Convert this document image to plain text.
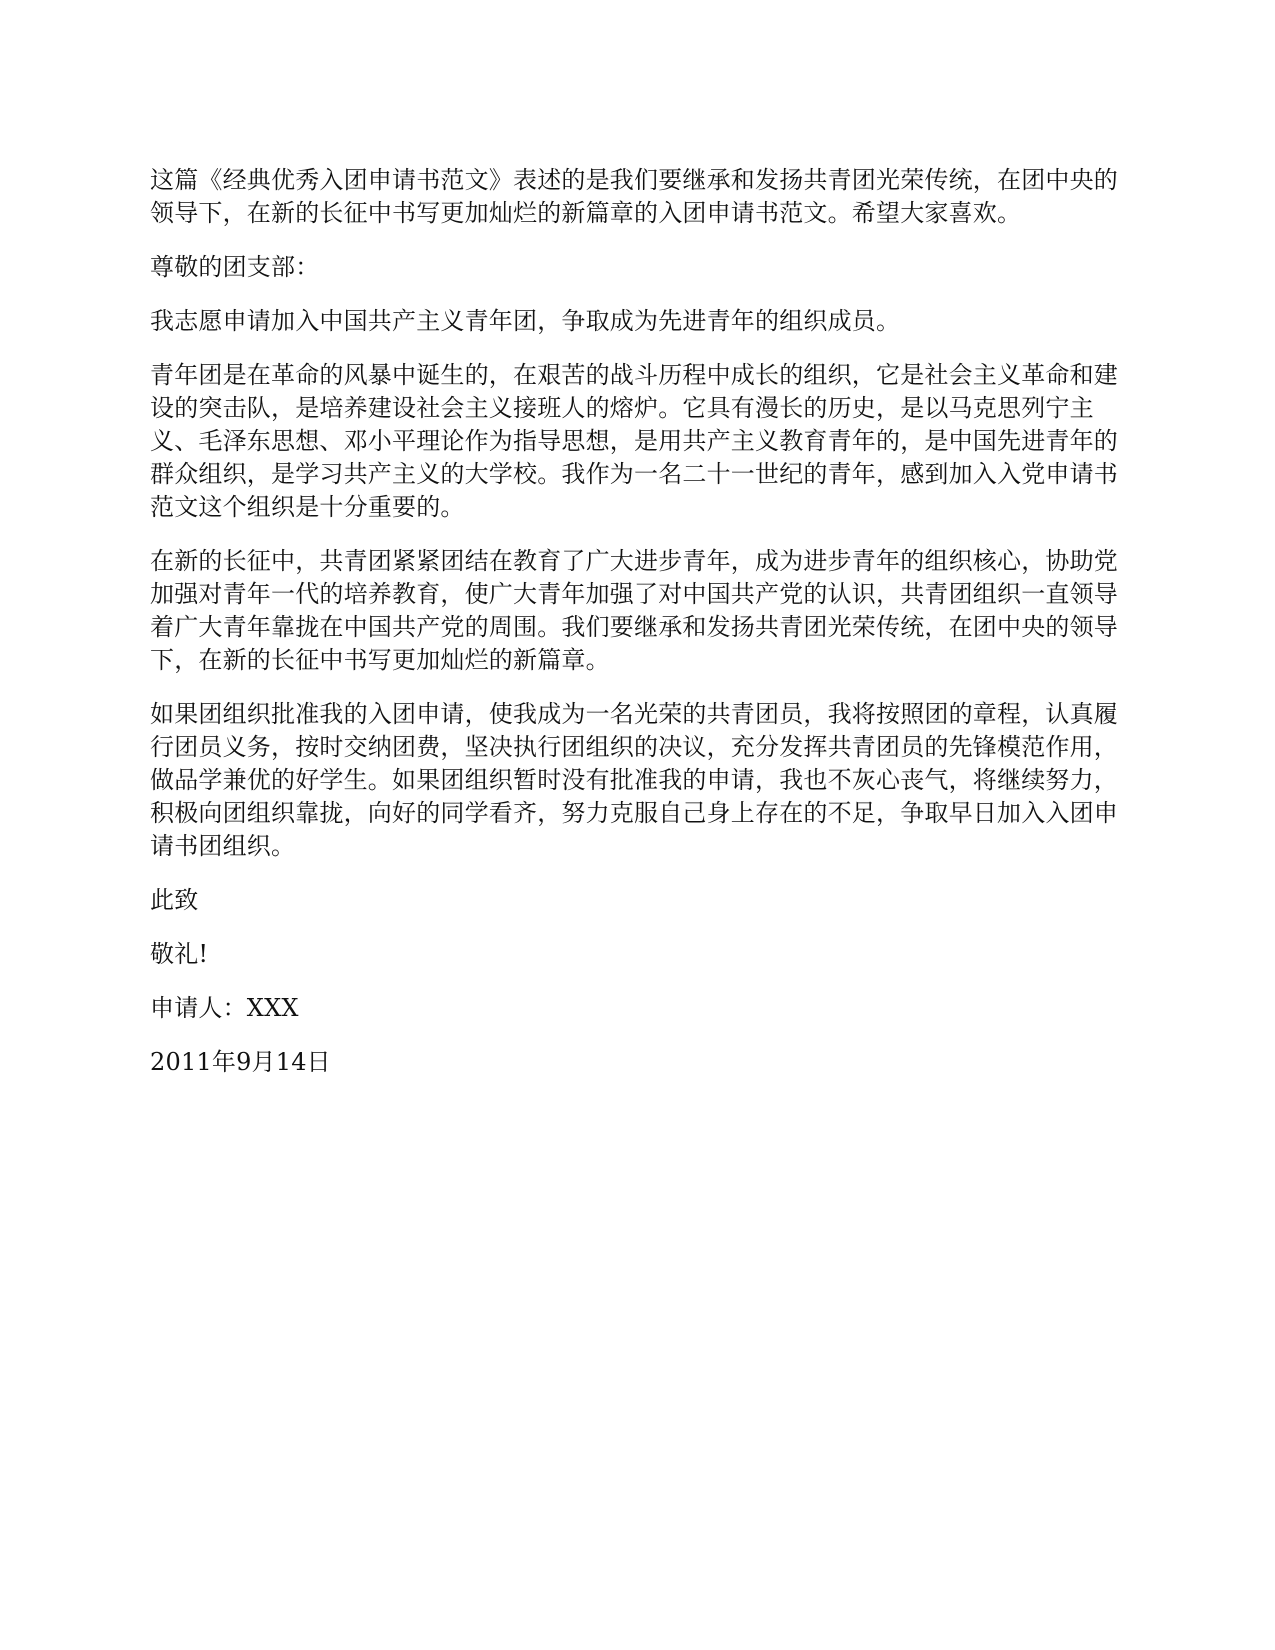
这篇《经典优秀入团申请书范文》表述的是我们要继承和发扬共青团光荣传统，在团中央的领导下，在新的长征中书写更加灿烂的新篇章的入团申请书范文。希望大家喜欢。

尊敬的团支部：

我志愿申请加入中国共产主义青年团，争取成为先进青年的组织成员。

青年团是在革命的风暴中诞生的，在艰苦的战斗历程中成长的组织，它是社会主义革命和建设的突击队，是培养建设社会主义接班人的熔炉。它具有漫长的历史，是以马克思列宁主义、毛泽东思想、邓小平理论作为指导思想，是用共产主义教育青年的，是中国先进青年的群众组织，是学习共产主义的大学校。我作为一名二十一世纪的青年，感到加入入党申请书范文这个组织是十分重要的。

在新的长征中，共青团紧紧团结在教育了广大进步青年，成为进步青年的组织核心，协助党加强对青年一代的培养教育，使广大青年加强了对中国共产党的认识，共青团组织一直领导着广大青年靠拢在中国共产党的周围。我们要继承和发扬共青团光荣传统，在团中央的领导下，在新的长征中书写更加灿烂的新篇章。

如果团组织批准我的入团申请，使我成为一名光荣的共青团员，我将按照团的章程，认真履行团员义务，按时交纳团费，坚决执行团组织的决议，充分发挥共青团员的先锋模范作用，做品学兼优的好学生。如果团组织暂时没有批准我的申请，我也不灰心丧气，将继续努力，积极向团组织靠拢，向好的同学看齐，努力克服自己身上存在的不足，争取早日加入入团申请书团组织。

此致

敬礼!

申请人：XXX

2011年9月14日
